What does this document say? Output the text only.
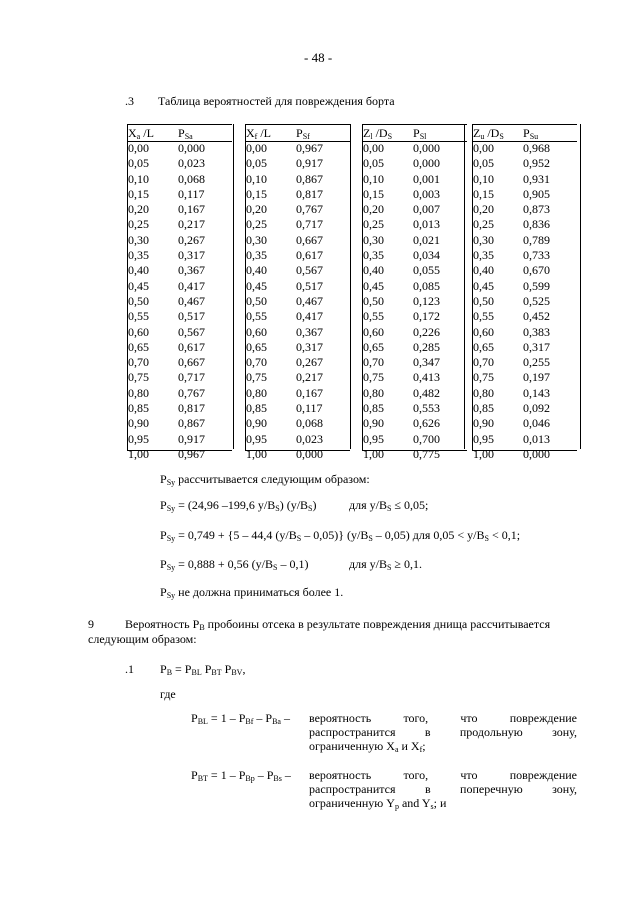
- 48 -
.3 Таблица вероятностей для повреждения борта
$X_a$ /L $P_{Sa}$
0,00 0,000
0,05 0,023
0,10 0,068
0,15 0,117
0,20 0,167
0,25 0,217
0,30 0,267
0,35 0,317
0,40 0,367
0,45 0,417
0,50 0,467
0,55 0,517
0,60 0,567
0,65 0,617
0,70 0,667
0,75 0,717
0,80 0,767
0,85 0,817
0,90 0,867
0,95 0,917
1,00 0,967
$X_f$ /L $P_{Sf}$
0,00 0,967
0,05 0,917
0,10 0,867
0,15 0,817
0,20 0,767
0,25 0,717
0,30 0,667
0,35 0,617
0,40 0,567
0,45 0,517
0,50 0,467
0,55 0,417
0,60 0,367
0,65 0,317
0,70 0,267
0,75 0,217
0,80 0,167
0,85 0,117
0,90 0,068
0,95 0,023
1,00 0,000
$Z_l$ $/D_S$ $P_{Sl}$
0,00 0,000
0,05 0,000
0,10 0,001
0,15 0,003
0,20 0,007
0,25 0,013
0,30 0,021
0,35 0,034
0,40 0,055
0,45 0,085
0,50 0,123
0,55 0,172
0,60 0,226
0,65 0,285
0,70 0,347
0,75 0,413
0,80 0,482
0,85 0,553
0,90 0,626
0,95 0,700
1,00 0,775
$Z_u$ $/D_S$ $P_{Su}$
0,00 0,968
0,05 0,952
0,10 0,931
0,15 0,905
0,20 0,873
0,25 0,836
0,30 0,789
0,35 0,733
0,40 0,670
0,45 0,599
0,50 0,525
0,55 0,452
0,60 0,383
0,65 0,317
0,70 0,255
0,75 0,197
0,80 0,143
0,85 0,092
0,90 0,046
0,95 0,013
1,00 0,000
$P_{Sy}$ рассчитывается следующим образом:
$P_{Sy} = (24,96$ –199,6 $y/B_S$) $(y/B_S)$	для $y/B_S \le 0,05$;
$P_{Sy} = 0,749 + \{5 - 44,4$ $(y/B_S - 0,05)$} $(y/B_S - 0,05)$ для $0,05 < y/B_S < 0,1$;
$P_{Sy} = 0,888 + 0,56$ $(y/B_S - 0,1)$	для $y/B_S \ge 0,1$.
$P_{Sy}$ не должна приниматься более 1.
9	Вероятность $P_B$ пробоины отсека в результате повреждения днища рассчитывается
следующим образом:
.1 $P_B = P_{BL}$ $P_{BT}$ $P_{BV}$,
где
$P_{BL} = 1 - P_{Bf} - P_{Ba}$ – вероятность	того,	что	повреждение
распространится в продольную зону,
ограниченную $X_a$ и $X_f$;
$P_{BT} = 1 - P_{Bp} - P_{Bs}$ – вероятность	того,	что	повреждение
распространится в поперечную зону,
ограниченную $Y_p$ and $Y_s$; и
